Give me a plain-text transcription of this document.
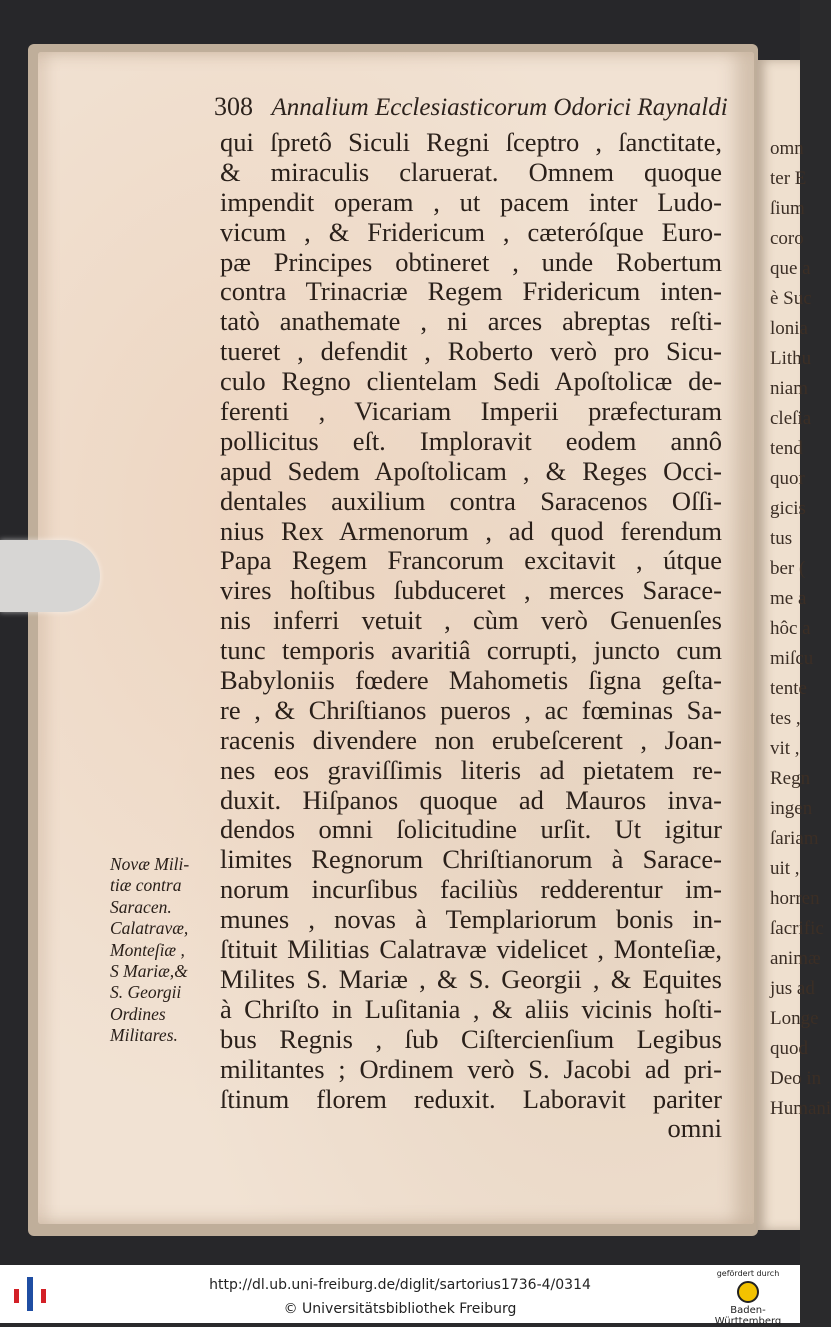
omn
ter E
ſium
coro
que a
è Suc
lonia
Lithu
niam
cleſia
tend
quor
gicis
tus
ber (
me a
hôc a
miſcu
tente
tes ,
vit ,
Regn
ingen
ſariam
uit ,
horren
ſacrific
animæ
jus ad
Longe
quod
Deo in
Humani
308 Annalium Ecclesiasticorum Odorici Raynaldi
qui ſpretô Siculi Regni ſceptro , ſanctitate,
& miraculis claruerat. Omnem quoque
impendit operam , ut pacem inter Ludo-
vicum , & Fridericum , cæteróſque Euro-
pæ Principes obtineret , unde Robertum
contra Trinacriæ Regem Fridericum inten-
tatò anathemate , ni arces abreptas reſti-
tueret , defendit , Roberto verò pro Sicu-
culo Regno clientelam Sedi Apoſtolicæ de-
ferenti , Vicariam Imperii præfecturam
pollicitus eſt. Imploravit eodem annô
apud Sedem Apoſtolicam , & Reges Occi-
dentales auxilium contra Saracenos Oſſi-
nius Rex Armenorum , ad quod ferendum
Papa Regem Francorum excitavit , útque
vires hoſtibus ſubduceret , merces Sarace-
nis inferri vetuit , cùm verò Genuenſes
tunc temporis avaritiâ corrupti, juncto cum
Babyloniis fœdere Mahometis ſigna geſta-
re , & Chriſtianos pueros , ac fœminas Sa-
racenis divendere non erubeſcerent , Joan-
nes eos graviſſimis literis ad pietatem re-
duxit. Hiſpanos quoque ad Mauros inva-
dendos omni ſolicitudine urſit. Ut igitur
limites Regnorum Chriſtianorum à Sarace-
norum incurſibus faciliùs redderentur im-
munes , novas à Templariorum bonis in-
ſtituit Militias Calatravæ videlicet , Monteſiæ,
Milites S. Mariæ , & S. Georgii , & Equites
à Chriſto in Luſitania , & aliis vicinis hoſti-
bus Regnis , ſub Ciſtercienſium Legibus
militantes ; Ordinem verò S. Jacobi ad pri-
ſtinum florem reduxit. Laboravit pariter
omni
Novæ Mili-
tiæ contra
Saracen.
Calatravæ,
Monteſiæ ,
S Mariæ,&
S. Georgii
Ordines
Militares.
http://dl.ub.uni-freiburg.de/diglit/sartorius1736-4/0314
© Universitätsbibliothek Freiburg
gefördert durch
Baden-Württemberg
